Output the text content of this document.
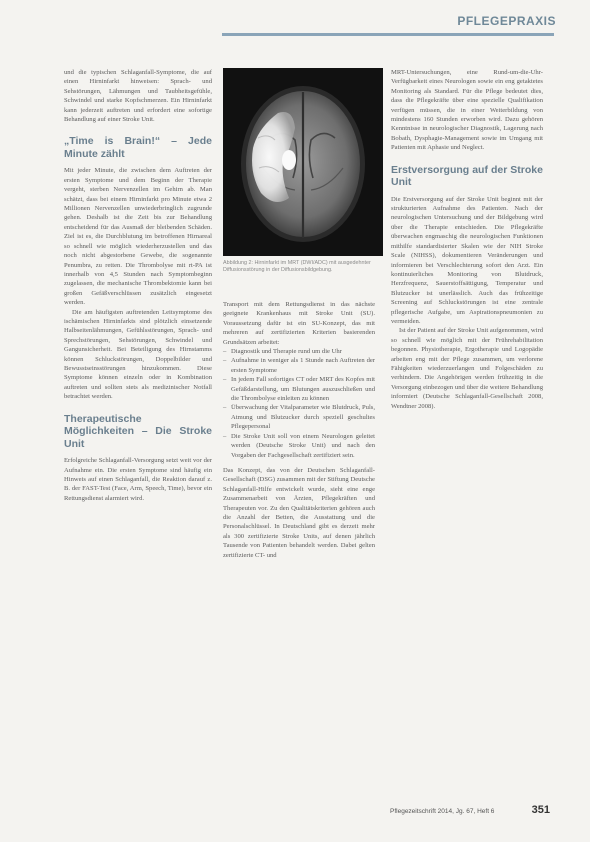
PFLEGEPRAXIS

und die typischen Schlaganfall-Symptome, die auf einen Hirninfarkt hinweisen: Sprach- und Sehstörungen, Lähmungen und Taubheitsgefühle, Schwindel und starke Kopfschmerzen. Ein Hirninfarkt kann jederzeit auftreten und erfordert eine sofortige Behandlung auf einer Stroke Unit.

„Time is Brain!“ – Jede Minute zählt

Mit jeder Minute, die zwischen dem Auftreten der ersten Symptome und dem Beginn der Therapie vergeht, sterben Nervenzellen im Gehirn ab. Man schätzt, dass bei einem Hirninfarkt pro Minute etwa 2 Millionen Nervenzellen unwiederbringlich zugrunde gehen. Deshalb ist die Zeit bis zur Behandlung entscheidend für das Ausmaß der bleibenden Schäden. Ziel ist es, die Durchblutung im betroffenen Hirnareal so schnell wie möglich wiederherzustellen und das noch nicht abgestorbene Gewebe, die sogenannte Penumbra, zu retten. Die Thrombolyse mit rt-PA ist innerhalb von 4,5 Stunden nach Symptombeginn zugelassen, die mechanische Thrombektomie kann bei großen Gefäßverschlüssen zusätzlich eingesetzt werden.

Die am häufigsten auftretenden Leitsymptome des ischämischen Hirninfarkts sind plötzlich einsetzende Halbseitenlähmungen, Gefühlsstörungen, Sprach- und Sprechstörungen, Sehstörungen, Schwindel und Gangunsicherheit. Bei Beteiligung des Hirnstamms können Schluckstörungen, Doppelbilder und Bewusstseinsstörungen hinzukommen. Diese Symptome können einzeln oder in Kombination auftreten und sollten stets als medizinischer Notfall betrachtet werden.

Therapeutische Möglichkeiten – Die Stroke Unit

Erfolgreiche Schlaganfall-Versorgung setzt weit vor der Aufnahme ein. Die ersten Symptome sind häufig ein Hinweis auf einen Schlaganfall, die Reaktion darauf z. B. der FAST-Test (Face, Arm, Speech, Time), bevor ein Rettungsdienst alarmiert wird.

Abbildung 2: Hirninfarkt im MRT (DWI/ADC) mit ausgedehnter Diffusionsstörung in der Diffusionsbildgebung.

Transport mit dem Rettungsdienst in das nächste geeignete Krankenhaus mit Stroke Unit (SU). Voraussetzung dafür ist ein SU-Konzept, das mit mehreren auf zertifizierten Kriterien basierenden Grundsätzen arbeitet:

– Diagnostik und Therapie rund um die Uhr
– Aufnahme in weniger als 1 Stunde nach Auftreten der ersten Symptome
– In jedem Fall sofortiges CT oder MRT des Kopfes mit Gefäßdarstellung, um Blutungen auszuschließen und die Thrombolyse einleiten zu können
– Überwachung der Vitalparameter wie Blutdruck, Puls, Atmung und Blutzucker durch speziell geschultes Pflegepersonal
– Die Stroke Unit soll von einem Neurologen geleitet werden (Deutsche Stroke Unit) und nach den Vorgaben der Fachgesellschaft zertifiziert sein.

Das Konzept, das von der Deutschen Schlaganfall-Gesellschaft (DSG) zusammen mit der Stiftung Deutsche Schlaganfall-Hilfe entwickelt wurde, sieht eine enge Zusammenarbeit von Ärzten, Pflegekräften und Therapeuten vor. Zu den Qualitätskriterien gehören auch die Anzahl der Betten, die Ausstattung und die Personalschlüssel. In Deutschland gibt es derzeit mehr als 300 zertifizierte Stroke Units, auf denen jährlich Tausende von Patienten behandelt werden. Dabei gelten zertifizierte CT- und

MRT-Untersuchungen, eine Rund-um-die-Uhr-Verfügbarkeit eines Neurologen sowie ein eng getaktetes Monitoring als Standard. Für die Pflege bedeutet dies, dass die Pflegekräfte über eine spezielle Qualifikation verfügen müssen, die in einer Weiterbildung von mindestens 160 Stunden erworben wird. Dazu gehören Kenntnisse in neurologischer Diagnostik, Lagerung nach Bobath, Dysphagie-Management sowie im Umgang mit Patienten mit Aphasie und Neglect.

Erstversorgung auf der Stroke Unit

Die Erstversorgung auf der Stroke Unit beginnt mit der strukturierten Aufnahme des Patienten. Nach der neurologischen Untersuchung und der Bildgebung wird über die Therapie entschieden. Die Pflegekräfte überwachen engmaschig die neurologischen Funktionen mithilfe standardisierter Skalen wie der NIH Stroke Scale (NIHSS), dokumentieren Veränderungen und informieren bei Verschlechterung sofort den Arzt. Ein kontinuierliches Monitoring von Blutdruck, Herzfrequenz, Sauerstoffsättigung, Temperatur und Blutzucker ist unerlässlich. Auch das frühzeitige Screening auf Schluckstörungen ist eine zentrale pflegerische Aufgabe, um Aspirationspneumonien zu vermeiden.

Ist der Patient auf der Stroke Unit aufgenommen, wird so schnell wie möglich mit der Frührehabilitation begonnen. Physiotherapie, Ergotherapie und Logopädie arbeiten eng mit der Pflege zusammen, um verlorene Fähigkeiten wiederzuerlangen und Folgeschäden zu verhindern. Die Angehörigen werden frühzeitig in die Versorgung einbezogen und über die weitere Behandlung informiert (Deutsche Schlaganfall-Gesellschaft 2008, Wendtner 2008).

Pflegezeitschrift 2014, Jg. 67, Heft 6	351
